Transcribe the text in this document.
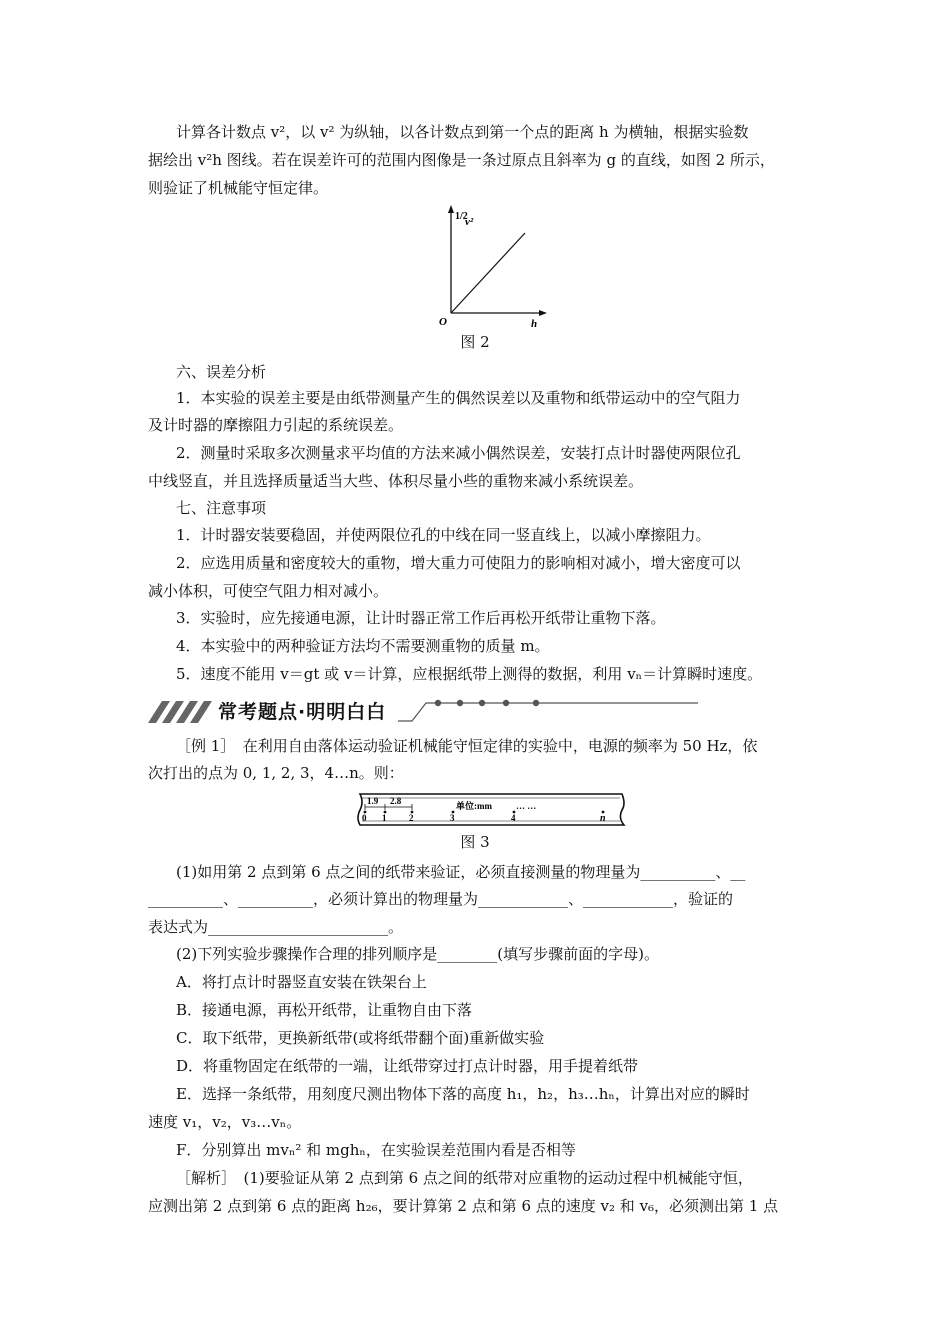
计算各计数点 v²，以 v² 为纵轴，以各计数点到第一个点的距离 h 为横轴，根据实验数
据绘出 v²h 图线。若在误差许可的范围内图像是一条过原点且斜率为 g 的直线，如图 2 所示，
则验证了机械能守恒定律。
1/2
v²
O	h
图 2
六、误差分析
1．本实验的误差主要是由纸带测量产生的偶然误差以及重物和纸带运动中的空气阻力
及计时器的摩擦阻力引起的系统误差。
2．测量时采取多次测量求平均值的方法来减小偶然误差，安装打点计时器使两限位孔
中线竖直，并且选择质量适当大些、体积尽量小些的重物来减小系统误差。
七、注意事项
1．计时器安装要稳固，并使两限位孔的中线在同一竖直线上，以减小摩擦阻力。
2．应选用质量和密度较大的重物，增大重力可使阻力的影响相对减小，增大密度可以
减小体积，可使空气阻力相对减小。
3．实验时，应先接通电源，让计时器正常工作后再松开纸带让重物下落。
4．本实验中的两种验证方法均不需要测重物的质量 m。
5．速度不能用 v＝gt 或 v＝计算，应根据纸带上测得的数据，利用 vₙ＝计算瞬时速度。
常考题点·明明白白
［例 1］　在利用自由落体运动验证机械能守恒定律的实验中，电源的频率为 50 Hz，依
次打出的点为 0, 1, 2, 3，4…n。则：
1.9 2.8	单位:mm	… …
0 1	2	3	4	n
图 3
(1)如用第 2 点到第 6 点之间的纸带来验证，必须直接测量的物理量为__________、__
__________、__________，必须计算出的物理量为____________、____________，验证的
表达式为________________________。
(2)下列实验步骤操作合理的排列顺序是________(填写步骤前面的字母)。
A．将打点计时器竖直安装在铁架台上
B．接通电源，再松开纸带，让重物自由下落
C．取下纸带，更换新纸带(或将纸带翻个面)重新做实验
D．将重物固定在纸带的一端，让纸带穿过打点计时器，用手提着纸带
E．选择一条纸带，用刻度尺测出物体下落的高度 h₁，h₂，h₃…hₙ，计算出对应的瞬时
速度 v₁，v₂，v₃…vₙ。
F．分别算出 mvₙ² 和 mghₙ，在实验误差范围内看是否相等
［解析］　(1)要验证从第 2 点到第 6 点之间的纸带对应重物的运动过程中机械能守恒，
应测出第 2 点到第 6 点的距离 h₂₆，要计算第 2 点和第 6 点的速度 v₂ 和 v₆，必须测出第 1 点
